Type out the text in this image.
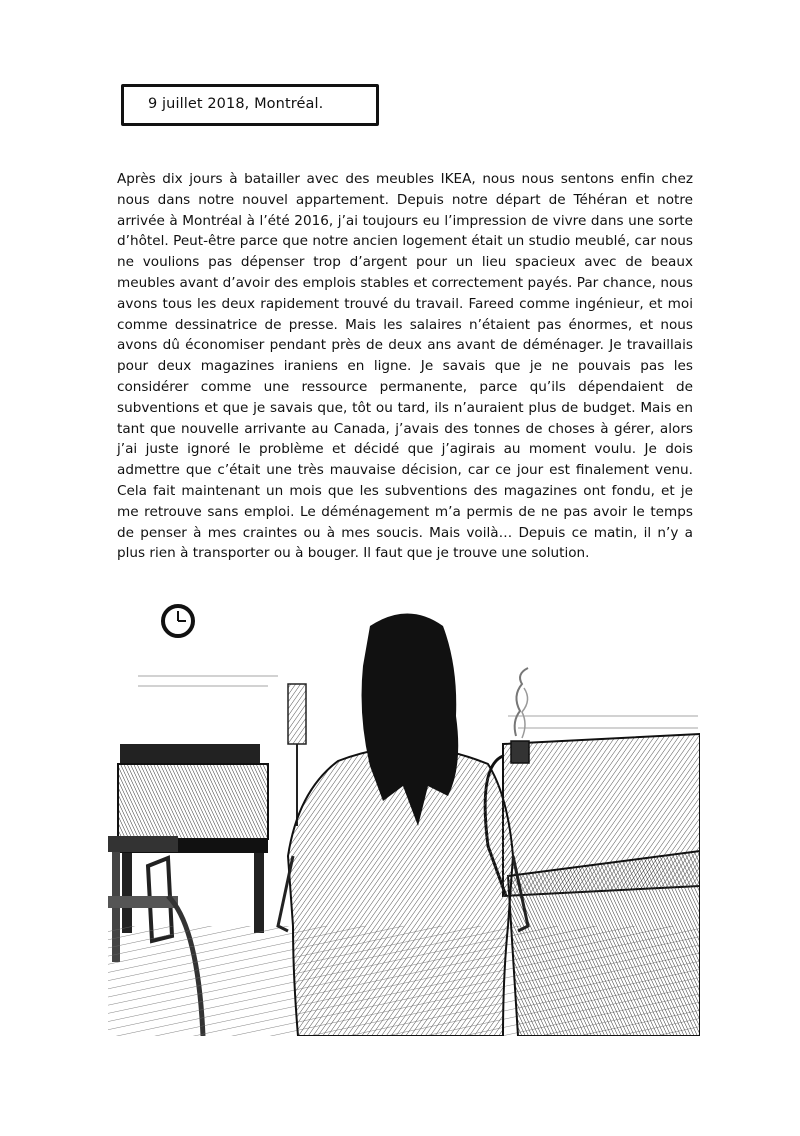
9 juillet 2018, Montréal.

Après dix jours à batailler avec des meubles IKEA, nous nous sentons enfin chez nous dans notre nouvel appartement. Depuis notre départ de Téhéran et notre arrivée à Montréal à l’été 2016, j’ai toujours eu l’impression de vivre dans une sorte d’hôtel. Peut-être parce que notre ancien logement était un studio meublé, car nous ne voulions pas dépenser trop d’argent pour un lieu spacieux avec de beaux meubles avant d’avoir des emplois stables et correctement payés. Par chance, nous avons tous les deux rapidement trouvé du travail. Fareed comme ingénieur, et moi comme dessinatrice de presse. Mais les salaires n’étaient pas énormes, et nous avons dû économiser pendant près de deux ans avant de déménager. Je travaillais pour deux magazines iraniens en ligne. Je savais que je ne pouvais pas les considérer comme une ressource permanente, parce qu’ils dépendaient de subventions et que je savais que, tôt ou tard, ils n’auraient plus de budget. Mais en tant que nouvelle arrivante au Canada, j’avais des tonnes de choses à gérer, alors j’ai juste ignoré le problème et décidé que j’agirais au moment voulu. Je dois admettre que c’était une très mauvaise décision, car ce jour est finalement venu. Cela fait maintenant un mois que les subventions des magazines ont fondu, et je me retrouve sans emploi. Le déménagement m’a permis de ne pas avoir le temps de penser à mes craintes ou à mes soucis. Mais voilà… Depuis ce matin, il n’y a plus rien à transporter ou à bouger. Il faut que je trouve une solution.
